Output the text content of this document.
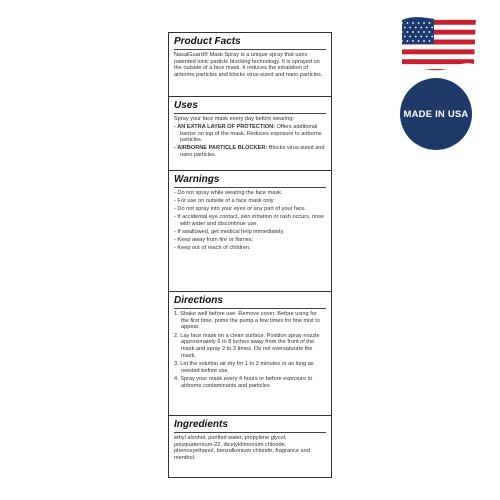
Product Facts
NasalGuard® Mask Spray is a unique spray that uses patented ionic particle blocking technology. It is sprayed on the outside of a face mask. It reduces the inhalation of airborne particles and blocks virus-sized and nano particles.
Uses
Spray your face mask every day before wearing:
- AN EXTRA LAYER OF PROTECTION: Offers additional barrier on top of the mask. Reduces exposure to airborne particles.
- AIRBORNE PARTICLE BLOCKER: Blocks virus-sized and nano particles.
Warnings
- Do not spray while wearing the face mask.
- For use on outside of a face mask only.
- Do not spray into your eyes or any part of your face.
- If accidental eye contact, skin irritation or rash occurs, rinse with water and discontinue use.
- If swallowed, get medical help immediately.
- Keep away from fire or flames.
- Keep out of reach of children.
Directions
1. Shake well before use. Remove cover. Before using for the first time, prime the pump a few times for fine mist to appear.
2. Lay face mask on a clean surface. Position spray nozzle approximately 6 to 8 inches away from the front of the mask and spray 2 to 3 times. Do not oversaturate the mask.
3. Let the solution air dry for 1 to 2 minutes or as long as needed before use.
4. Spray your mask every 4 hours or before exposure to airborne contaminants and particles.
Ingredients
ethyl alcohol, purified water, propylene glycol, polyquaternium-22, dicetyldimonium chloride, phenoxyethanol, benzalkonium chloride, fragrance and menthol.
MADE IN USA
